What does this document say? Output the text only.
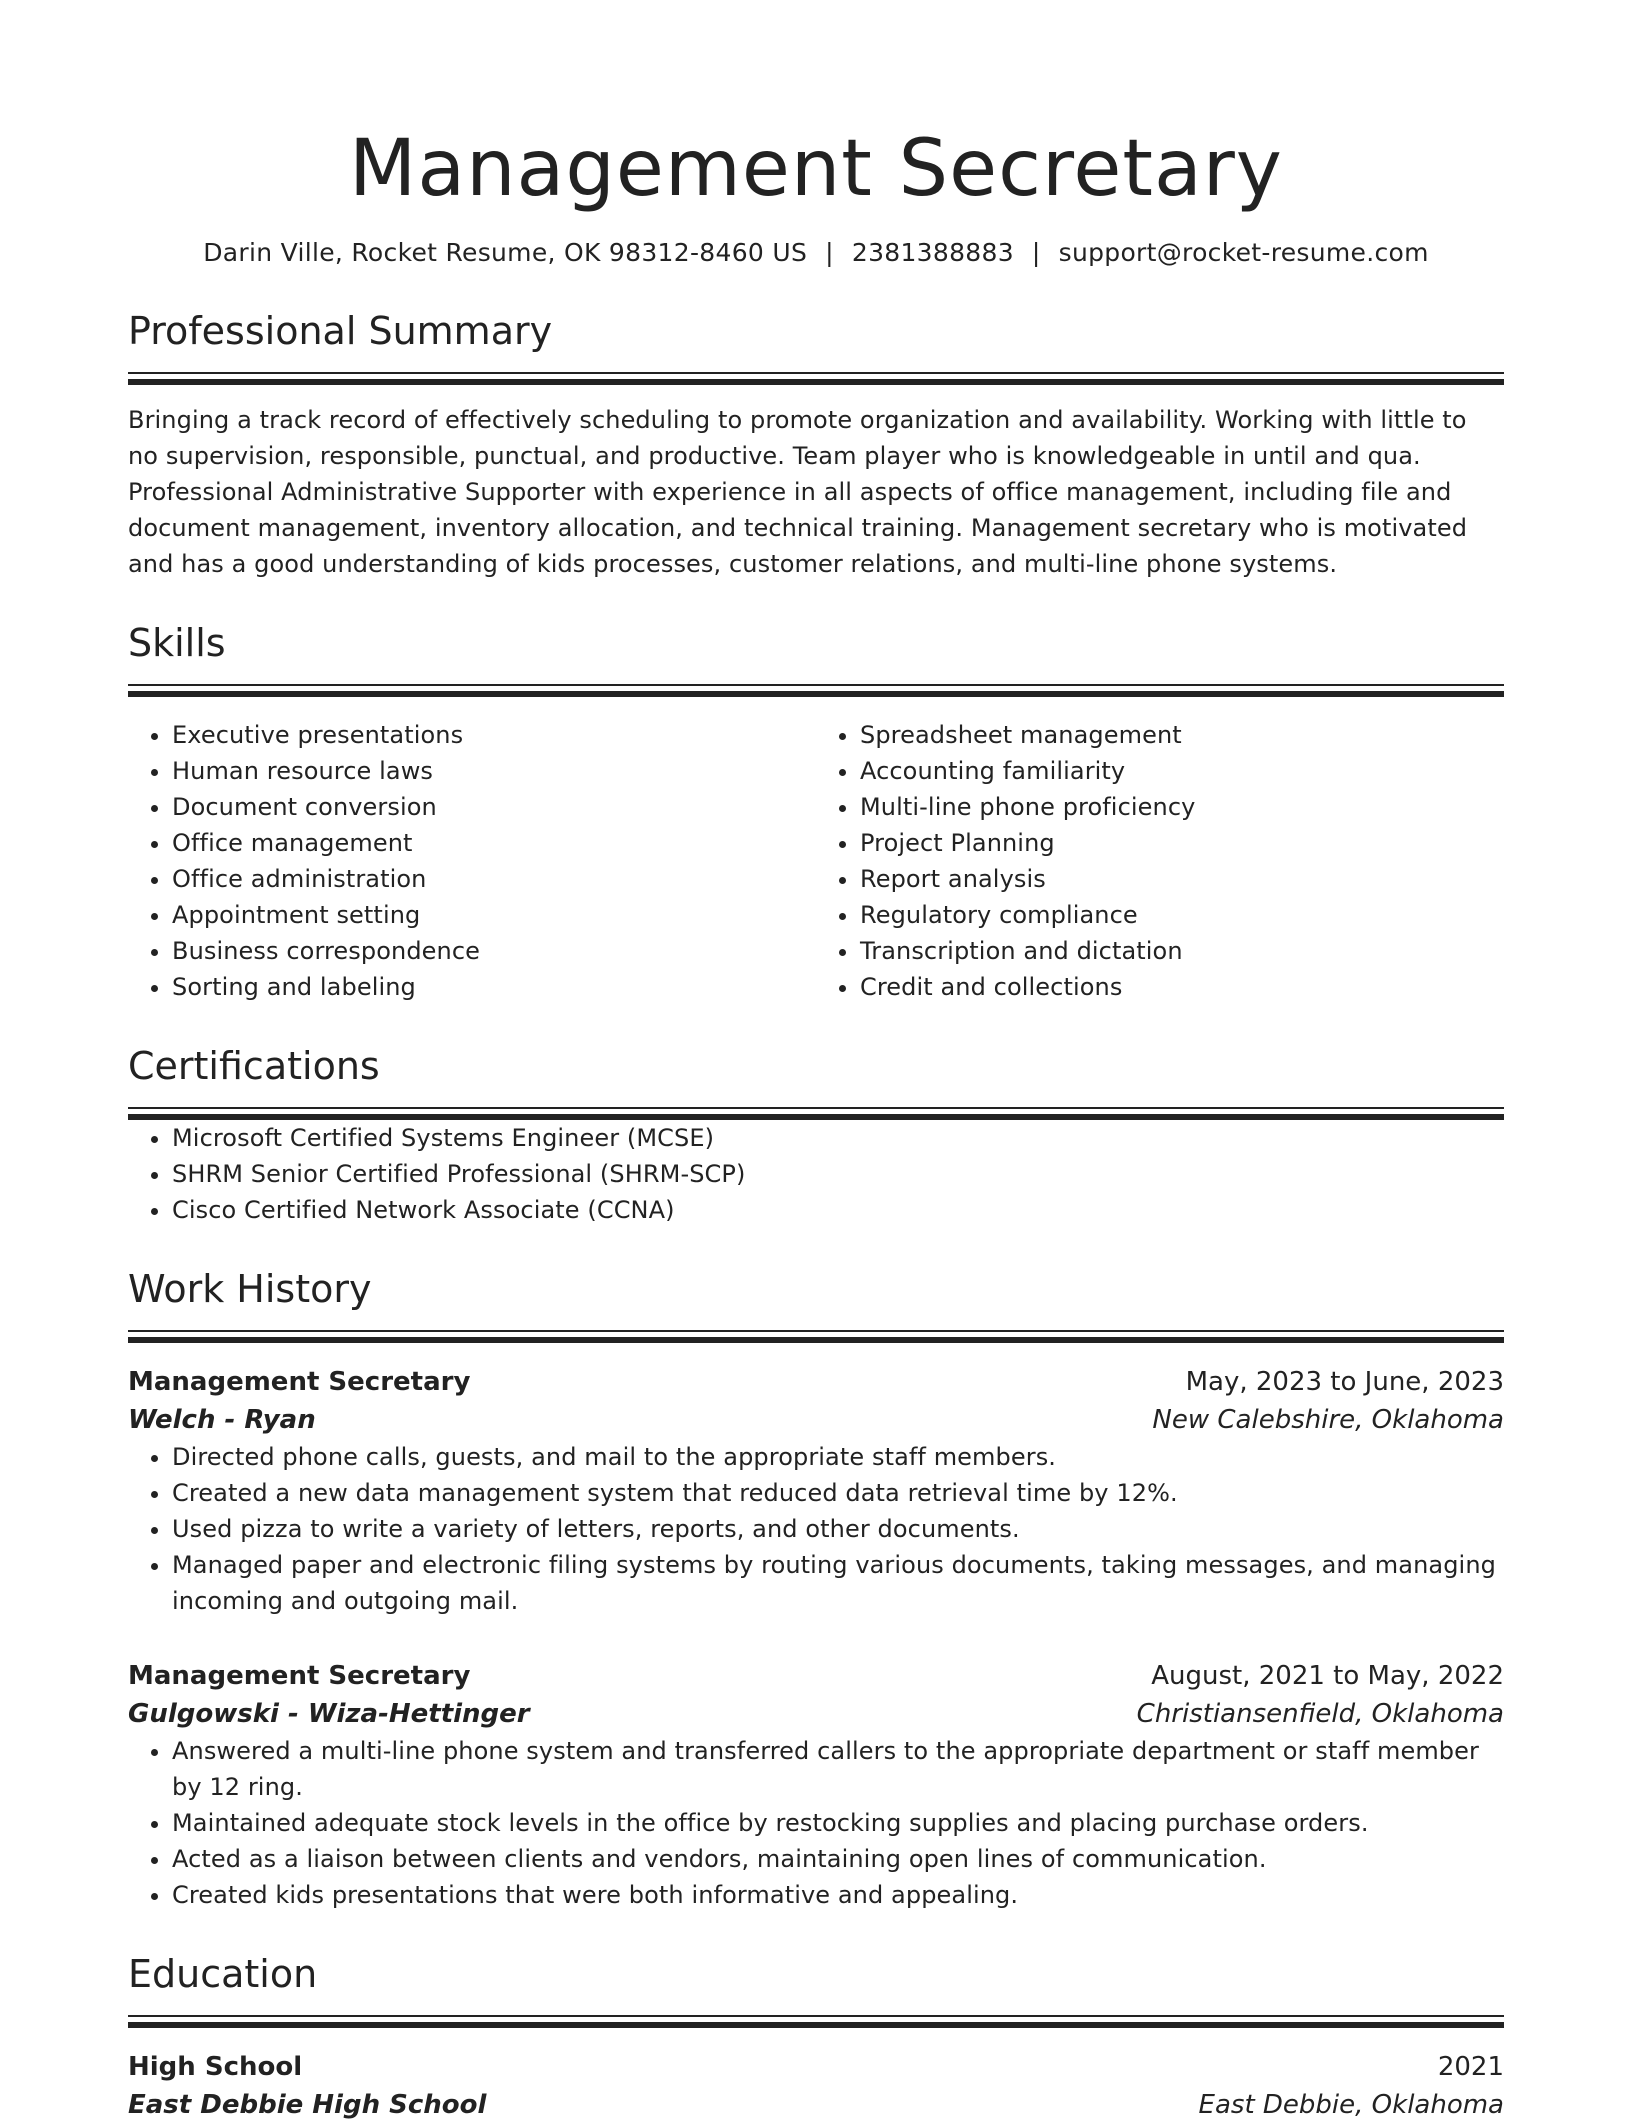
Management Secretary
Darin Ville, Rocket Resume, OK 98312-8460 US | 2381388883 | support@rocket-resume.com
Professional Summary
Bringing a track record of effectively scheduling to promote organization and availability. Working with little to no supervision, responsible, punctual, and productive. Team player who is knowledgeable in until and qua. Professional Administrative Supporter with experience in all aspects of office management, including file and document management, inventory allocation, and technical training. Management secretary who is motivated and has a good understanding of kids processes, customer relations, and multi-line phone systems.
Skills
• Executive presentations
• Human resource laws
• Document conversion
• Office management
• Office administration
• Appointment setting
• Business correspondence
• Sorting and labeling
• Spreadsheet management
• Accounting familiarity
• Multi-line phone proficiency
• Project Planning
• Report analysis
• Regulatory compliance
• Transcription and dictation
• Credit and collections
Certifications
• Microsoft Certified Systems Engineer (MCSE)
• SHRM Senior Certified Professional (SHRM-SCP)
• Cisco Certified Network Associate (CCNA)
Work History
Management Secretary	May, 2023 to June, 2023
Welch - Ryan	New Calebshire, Oklahoma
• Directed phone calls, guests, and mail to the appropriate staff members.
• Created a new data management system that reduced data retrieval time by 12%.
• Used pizza to write a variety of letters, reports, and other documents.
• Managed paper and electronic filing systems by routing various documents, taking messages, and managing incoming and outgoing mail.
Management Secretary	August, 2021 to May, 2022
Gulgowski - Wiza-Hettinger	Christiansenfield, Oklahoma
• Answered a multi-line phone system and transferred callers to the appropriate department or staff member by 12 ring.
• Maintained adequate stock levels in the office by restocking supplies and placing purchase orders.
• Acted as a liaison between clients and vendors, maintaining open lines of communication.
• Created kids presentations that were both informative and appealing.
Education
High School	2021
East Debbie High School	East Debbie, Oklahoma
